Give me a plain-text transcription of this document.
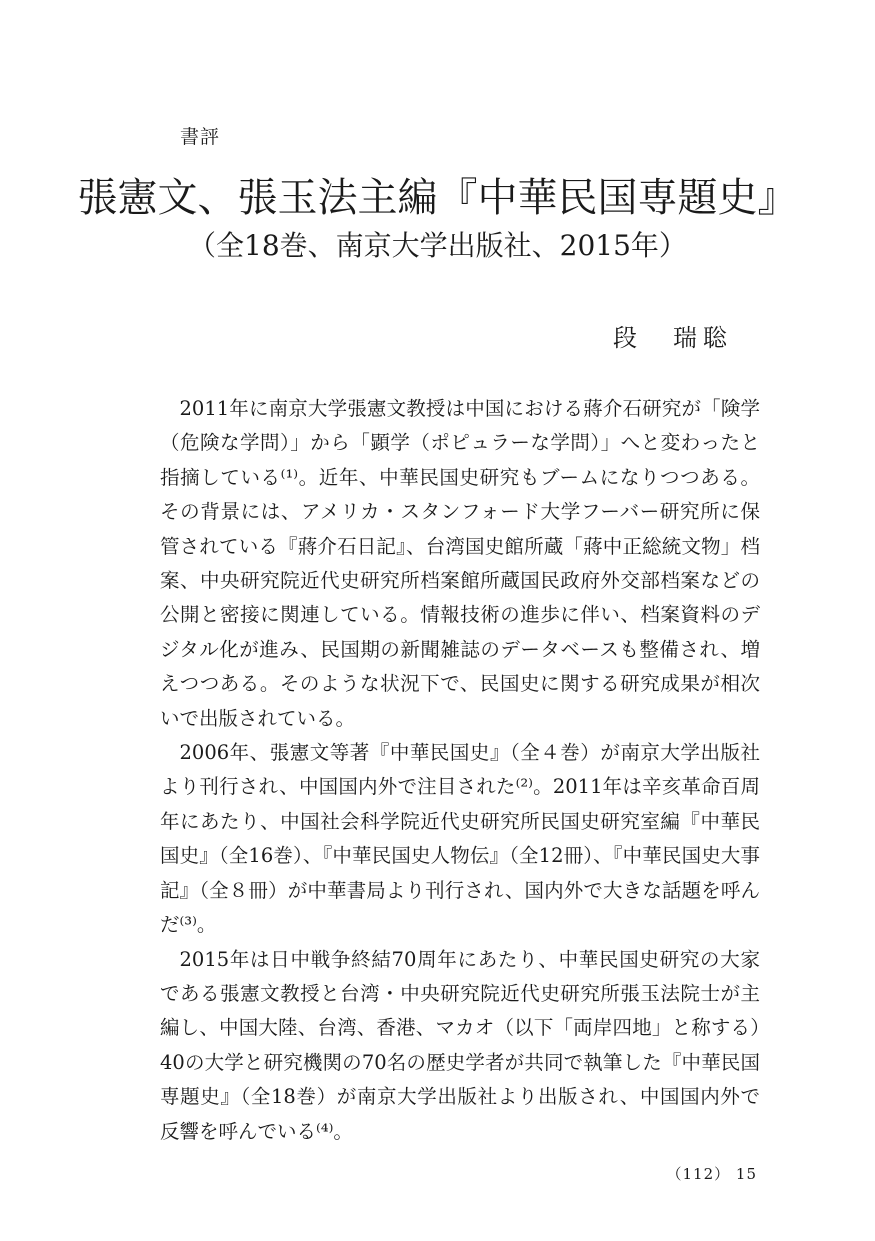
書評
張憲文、張玉法主編『中華民国専題史』
（全18巻、南京大学出版社、2015年）
段　瑞聡

2011年に南京大学張憲文教授は中国における蔣介石研究が「険学（危険な学問）」から「顕学（ポピュラーな学問）」へと変わったと指摘している⁽¹⁾。近年、中華民国史研究もブームになりつつある。その背景には、アメリカ・スタンフォード大学フーバー研究所に保管されている『蔣介石日記』、台湾国史館所蔵「蔣中正総統文物」档案、中央研究院近代史研究所档案館所蔵国民政府外交部档案などの公開と密接に関連している。情報技術の進歩に伴い、档案資料のデジタル化が進み、民国期の新聞雑誌のデータベースも整備され、増えつつある。そのような状況下で、民国史に関する研究成果が相次いで出版されている。

2006年、張憲文等著『中華民国史』（全４巻）が南京大学出版社より刊行され、中国国内外で注目された⁽²⁾。2011年は辛亥革命百周年にあたり、中国社会科学院近代史研究所民国史研究室編『中華民国史』（全16巻）、『中華民国史人物伝』（全12冊）、『中華民国史大事記』（全８冊）が中華書局より刊行され、国内外で大きな話題を呼んだ⁽³⁾。

2015年は日中戦争終結70周年にあたり、中華民国史研究の大家である張憲文教授と台湾・中央研究院近代史研究所張玉法院士が主編し、中国大陸、台湾、香港、マカオ（以下「両岸四地」と称する）40の大学と研究機関の70名の歴史学者が共同で執筆した『中華民国専題史』（全18巻）が南京大学出版社より出版され、中国国内外で反響を呼んでいる⁽⁴⁾。

（112） 15
